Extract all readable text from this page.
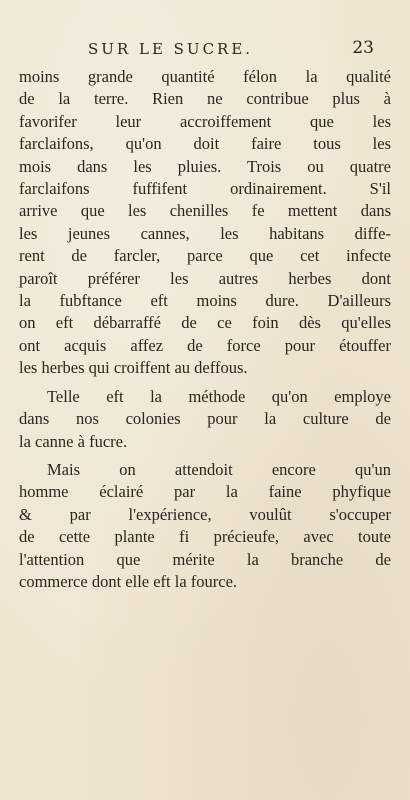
SUR LE SUCRE.	23
moins grande quantité félon la qualité
de la terre. Rien ne contribue plus à
favorifer leur accroiffement que les
farclaifons, qu'on doit faire tous les
mois dans les pluies. Trois ou quatre
farclaifons fuffifent ordinairement. S'il
arrive que les chenilles fe mettent dans
les jeunes cannes, les habitans diffe-
rent de farcler, parce que cet infecte
paroît préférer les autres herbes dont
la fubftance eft moins dure. D'ailleurs
on eft débarraffé de ce foin dès qu'elles
ont acquis affez de force pour étouffer
les herbes qui croiffent au deffous.
Telle eft la méthode qu'on employe
dans nos colonies pour la culture de
la canne à fucre.
Mais on attendoit encore qu'un
homme éclairé par la faine phyfique
& par l'expérience, voulût s'occuper
de cette plante fi précieufe, avec toute
l'attention que mérite la branche de
commerce dont elle eft la fource.
